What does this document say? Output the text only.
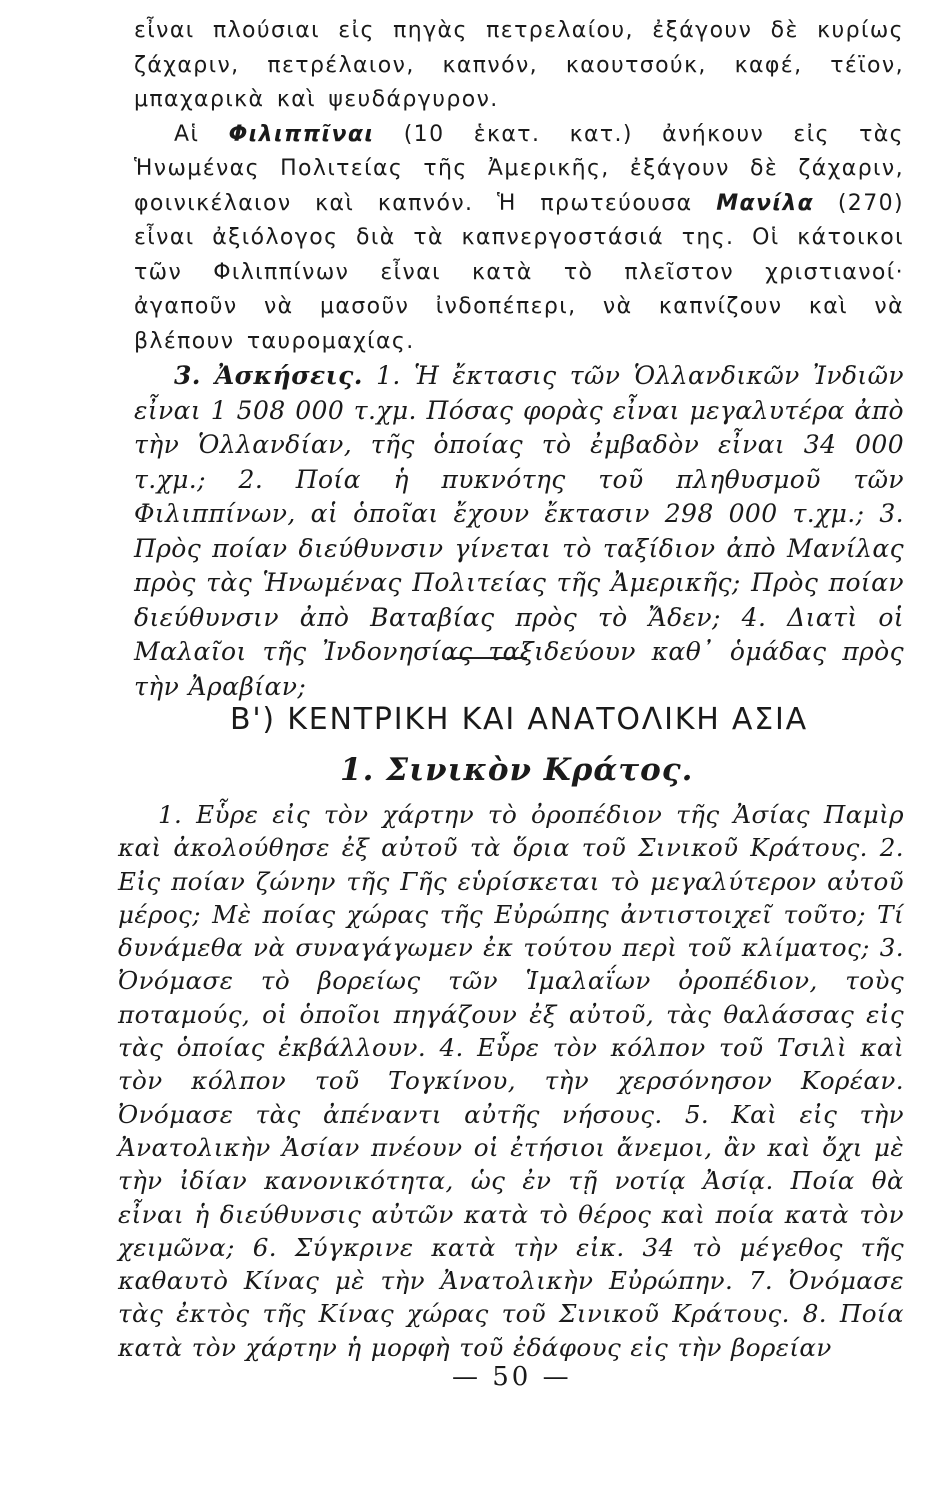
εἶναι πλούσιαι εἰς πηγὰς πετρελαίου, ἐξάγουν δὲ κυρίως ζάχαριν, πετρέλαιον, καπνόν, καουτσούκ, καφέ, τέϊον, μπαχαρικὰ καὶ ψευδάργυρον.

Αἱ Φιλιππῖναι (10 ἑκατ. κατ.) ἀνήκουν εἰς τὰς Ἡνωμένας Πολιτείας τῆς Ἀμερικῆς, ἐξάγουν δὲ ζάχαριν, φοινικέλαιον καὶ καπνόν. Ἡ πρωτεύουσα Μανίλα (270) εἶναι ἀξιόλογος διὰ τὰ καπνεργοστάσιά της. Οἱ κάτοικοι τῶν Φιλιππίνων εἶναι κατὰ τὸ πλεῖστον χριστιανοί· ἀγαποῦν νὰ μασοῦν ἰνδοπέπερι, νὰ καπνίζουν καὶ νὰ βλέπουν ταυρομαχίας.

3. Ἀσκήσεις. 1. Ἡ ἔκτασις τῶν Ὁλλανδικῶν Ἰνδιῶν εἶναι 1 508 000 τ.χμ. Πόσας φορὰς εἶναι μεγαλυτέρα ἀπὸ τὴν Ὁλλανδίαν, τῆς ὁποίας τὸ ἐμβαδὸν εἶναι 34 000 τ.χμ.; 2. Ποία ἡ πυκνότης τοῦ πληθυσμοῦ τῶν Φιλιππίνων, αἱ ὁποῖαι ἔχουν ἔκτασιν 298 000 τ.χμ.; 3. Πρὸς ποίαν διεύθυνσιν γίνεται τὸ ταξίδιον ἀπὸ Μανίλας πρὸς τὰς Ἡνωμένας Πολιτείας τῆς Ἀμερικῆς; Πρὸς ποίαν διεύθυνσιν ἀπὸ Βαταβίας πρὸς τὸ Ἄδεν; 4. Διατὶ οἱ Μαλαῖοι τῆς Ἰνδονησίας ταξιδεύουν καθ᾽ ὁμάδας πρὸς τὴν Ἀραβίαν;

Β') ΚΕΝΤΡΙΚΗ ΚΑΙ ΑΝΑΤΟΛΙΚΗ ΑΣΙΑ
1. Σινικὸν Κράτος.

1. Εὗρε εἰς τὸν χάρτην τὸ ὀροπέδιον τῆς Ἀσίας Παμὶρ καὶ ἀκολούθησε ἐξ αὐτοῦ τὰ ὅρια τοῦ Σινικοῦ Κράτους. 2. Εἰς ποίαν ζώνην τῆς Γῆς εὑρίσκεται τὸ μεγαλύτερον αὐτοῦ μέρος; Μὲ ποίας χώρας τῆς Εὐρώπης ἀντιστοιχεῖ τοῦτο; Τί δυνάμεθα νὰ συναγάγωμεν ἐκ τούτου περὶ τοῦ κλίματος; 3. Ὀνόμασε τὸ βορείως τῶν Ἱμαλαΐων ὀροπέδιον, τοὺς ποταμούς, οἱ ὁποῖοι πηγάζουν ἐξ αὐτοῦ, τὰς θαλάσσας εἰς τὰς ὁποίας ἐκβάλλουν. 4. Εὗρε τὸν κόλπον τοῦ Τσιλὶ καὶ τὸν κόλπον τοῦ Τογκίνου, τὴν χερσόνησον Κορέαν. Ὀνόμασε τὰς ἀπέναντι αὐτῆς νήσους. 5. Καὶ εἰς τὴν Ἀνατολικὴν Ἀσίαν πνέουν οἱ ἐτήσιοι ἄνεμοι, ἂν καὶ ὄχι μὲ τὴν ἰδίαν κανονικότητα, ὡς ἐν τῇ νοτίᾳ Ἀσίᾳ. Ποία θὰ εἶναι ἡ διεύθυνσις αὐτῶν κατὰ τὸ θέρος καὶ ποία κατὰ τὸν χειμῶνα; 6. Σύγκρινε κατὰ τὴν εἰκ. 34 τὸ μέγεθος τῆς καθαυτὸ Κίνας μὲ τὴν Ἀνατολικὴν Εὐρώπην. 7. Ὀνόμασε τὰς ἐκτὸς τῆς Κίνας χώρας τοῦ Σινικοῦ Κράτους. 8. Ποία κατὰ τὸν χάρτην ἡ μορφὴ τοῦ ἐδάφους εἰς τὴν βορείαν

— 50 —
